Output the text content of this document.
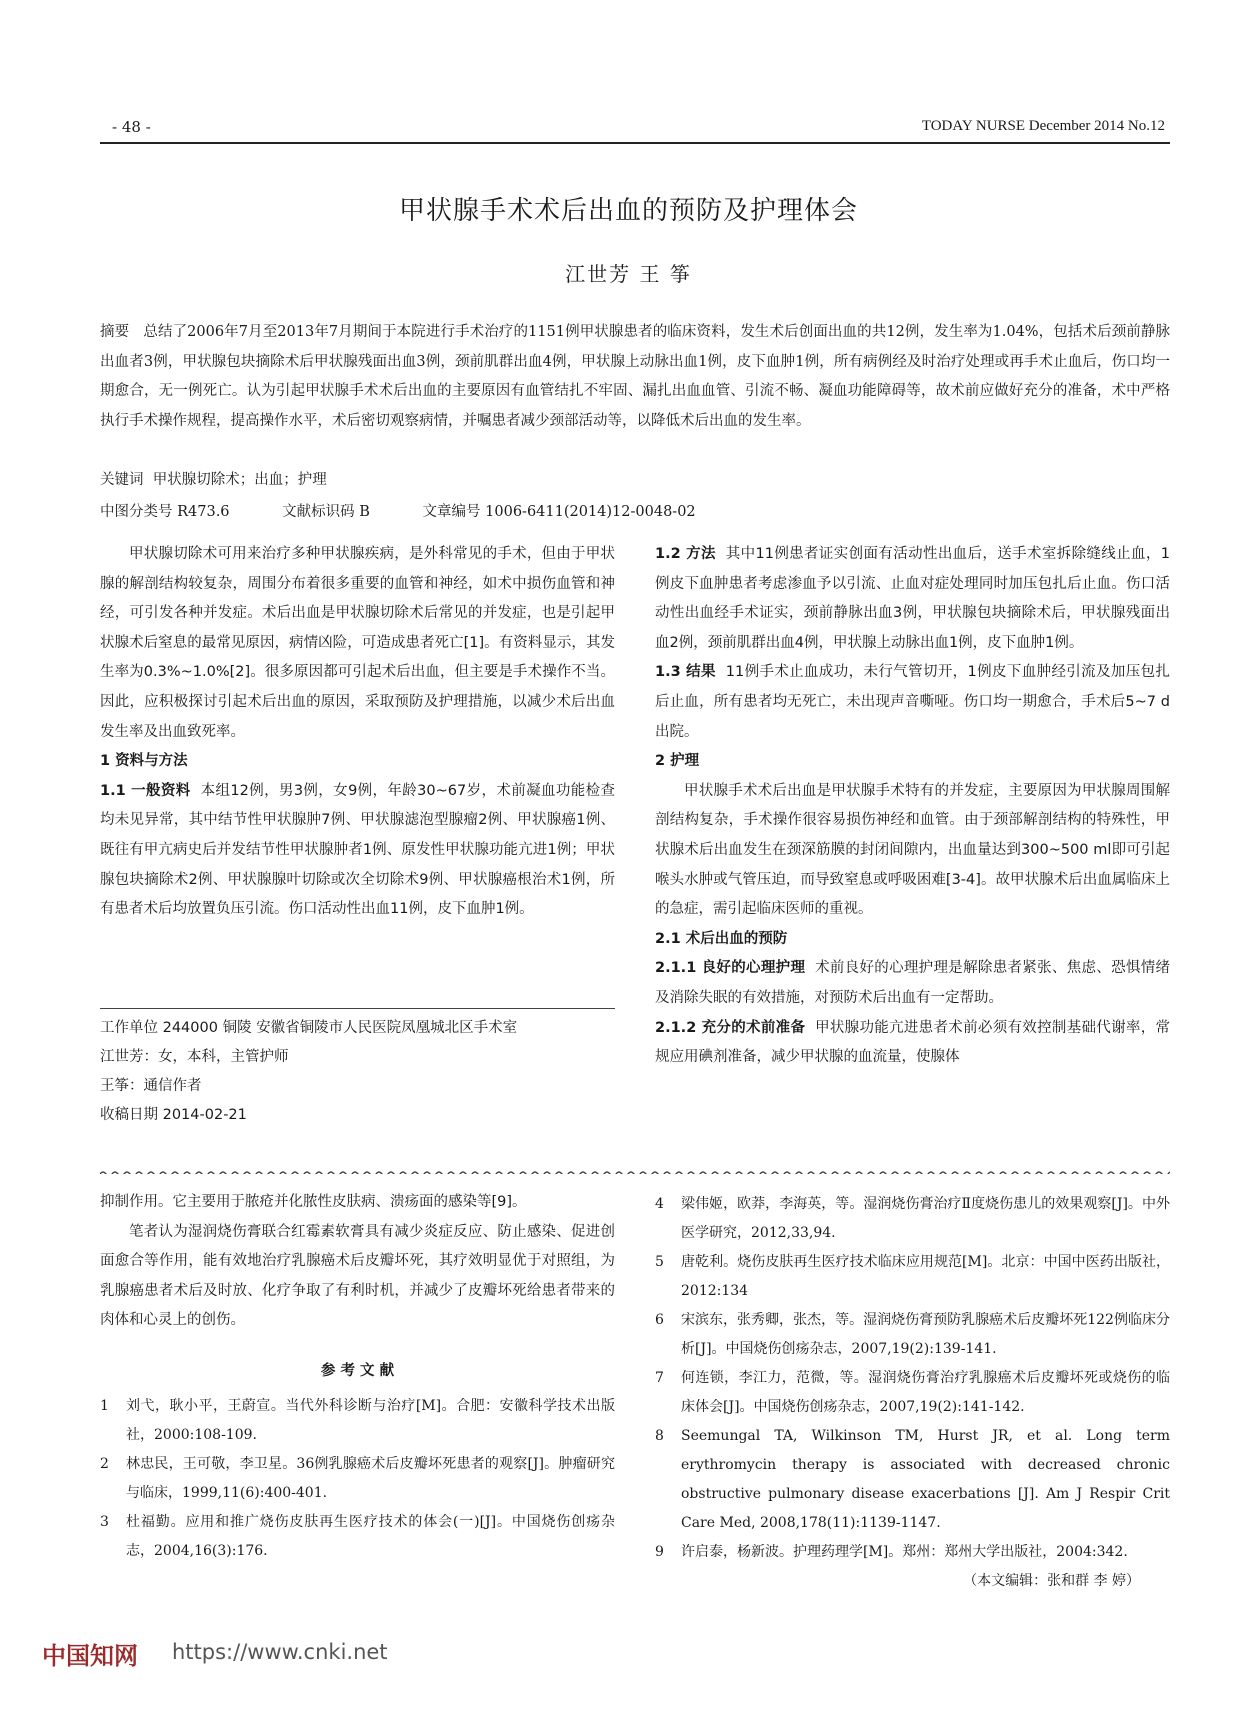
- 48 -	TODAY NURSE December 2014 No.12
甲状腺手术术后出血的预防及护理体会
江世芳 王 筝
摘要 总结了2006年7月至2013年7月期间于本院进行手术治疗的1151例甲状腺患者的临床资料，发生术后创面出血的共12例，发生率为1.04%，包括术后颈前静脉出血者3例，甲状腺包块摘除术后甲状腺残面出血3例，颈前肌群出血4例，甲状腺上动脉出血1例，皮下血肿1例，所有病例经及时治疗处理或再手术止血后，伤口均一期愈合，无一例死亡。认为引起甲状腺手术术后出血的主要原因有血管结扎不牢固、漏扎出血血管、引流不畅、凝血功能障碍等，故术前应做好充分的准备，术中严格执行手术操作规程，提高操作水平，术后密切观察病情，并嘱患者减少颈部活动等，以降低术后出血的发生率。
关键词 甲状腺切除术；出血；护理
中图分类号 R473.6	文献标识码 B	文章编号 1006-6411(2014)12-0048-02

甲状腺切除术可用来治疗多种甲状腺疾病，是外科常见的手术，但由于甲状腺的解剖结构较复杂，周围分布着很多重要的血管和神经，如术中损伤血管和神经，可引发各种并发症。术后出血是甲状腺切除术后常见的并发症，也是引起甲状腺术后窒息的最常见原因，病情凶险，可造成患者死亡[1]。有资料显示，其发生率为0.3%~1.0%[2]。很多原因都可引起术后出血，但主要是手术操作不当。因此，应积极探讨引起术后出血的原因，采取预防及护理措施，以减少术后出血发生率及出血致死率。

1 资料与方法

1.1 一般资料 本组12例，男3例，女9例，年龄30~67岁，术前凝血功能检查均未见异常，其中结节性甲状腺肿7例、甲状腺滤泡型腺瘤2例、甲状腺癌1例、既往有甲亢病史后并发结节性甲状腺肿者1例、原发性甲状腺功能亢进1例；甲状腺包块摘除术2例、甲状腺腺叶切除或次全切除术9例、甲状腺癌根治术1例，所有患者术后均放置负压引流。伤口活动性出血11例，皮下血肿1例。

工作单位 244000 铜陵 安徽省铜陵市人民医院凤凰城北区手术室

江世芳：女，本科，主管护师

王筝：通信作者

收稿日期 2014-02-21

1.2 方法 其中11例患者证实创面有活动性出血后，送手术室拆除缝线止血，1例皮下血肿患者考虑渗血予以引流、止血对症处理同时加压包扎后止血。伤口活动性出血经手术证实，颈前静脉出血3例，甲状腺包块摘除术后，甲状腺残面出血2例，颈前肌群出血4例，甲状腺上动脉出血1例，皮下血肿1例。

1.3 结果 11例手术止血成功，未行气管切开，1例皮下血肿经引流及加压包扎后止血，所有患者均无死亡，未出现声音嘶哑。伤口均一期愈合，手术后5~7 d出院。

2 护理

甲状腺手术术后出血是甲状腺手术特有的并发症，主要原因为甲状腺周围解剖结构复杂，手术操作很容易损伤神经和血管。由于颈部解剖结构的特殊性，甲状腺术后出血发生在颈深筋膜的封闭间隙内，出血量达到300~500 ml即可引起喉头水肿或气管压迫，而导致窒息或呼吸困难[3-4]。故甲状腺术后出血属临床上的急症，需引起临床医师的重视。

2.1 术后出血的预防

2.1.1 良好的心理护理 术前良好的心理护理是解除患者紧张、焦虑、恐惧情绪及消除失眠的有效措施，对预防术后出血有一定帮助。

2.1.2 充分的术前准备 甲状腺功能亢进患者术前必须有效控制基础代谢率，常规应用碘剂准备，减少甲状腺的血流量，使腺体

抑制作用。它主要用于脓疮并化脓性皮肤病、溃疡面的感染等[9]。

笔者认为湿润烧伤膏联合红霉素软膏具有减少炎症反应、防止感染、促进创面愈合等作用，能有效地治疗乳腺癌术后皮瓣坏死，其疗效明显优于对照组，为乳腺癌患者术后及时放、化疗争取了有利时机，并减少了皮瓣坏死给患者带来的肉体和心灵上的创伤。

参 考 文 献

1	刘弋，耿小平，王蔚宣。当代外科诊断与治疗[M]。合肥：安徽科学技术出版社，2000:108-109.
2	林忠民，王可敬，李卫星。36例乳腺癌术后皮瓣坏死患者的观察[J]。肿瘤研究与临床，1999,11(6):400-401.
3	杜福勤。应用和推广烧伤皮肤再生医疗技术的体会(一)[J]。中国烧伤创疡杂志，2004,16(3):176.
4	梁伟姬，欧莽，李海英，等。湿润烧伤膏治疗Ⅱ度烧伤患儿的效果观察[J]。中外医学研究，2012,33,94.
5	唐乾利。烧伤皮肤再生医疗技术临床应用规范[M]。北京：中国中医药出版社，2012:134
6	宋滨东，张秀卿，张杰，等。湿润烧伤膏预防乳腺癌术后皮瓣坏死122例临床分析[J]。中国烧伤创疡杂志，2007,19(2):139-141.
7	何连锁，李江力，范微，等。湿润烧伤膏治疗乳腺癌术后皮瓣坏死或烧伤的临床体会[J]。中国烧伤创疡杂志，2007,19(2):141-142.
8	Seemungal TA, Wilkinson TM, Hurst JR, et al. Long term erythromycin therapy is associated with decreased chronic obstructive pulmonary disease exacerbations [J]. Am J Respir Crit Care Med, 2008,178(11):1139-1147.
9	许启泰，杨新波。护理药理学[M]。郑州：郑州大学出版社，2004:342.
（本文编辑：张和群 李 婷）
中国知网 https://www.cnki.net
